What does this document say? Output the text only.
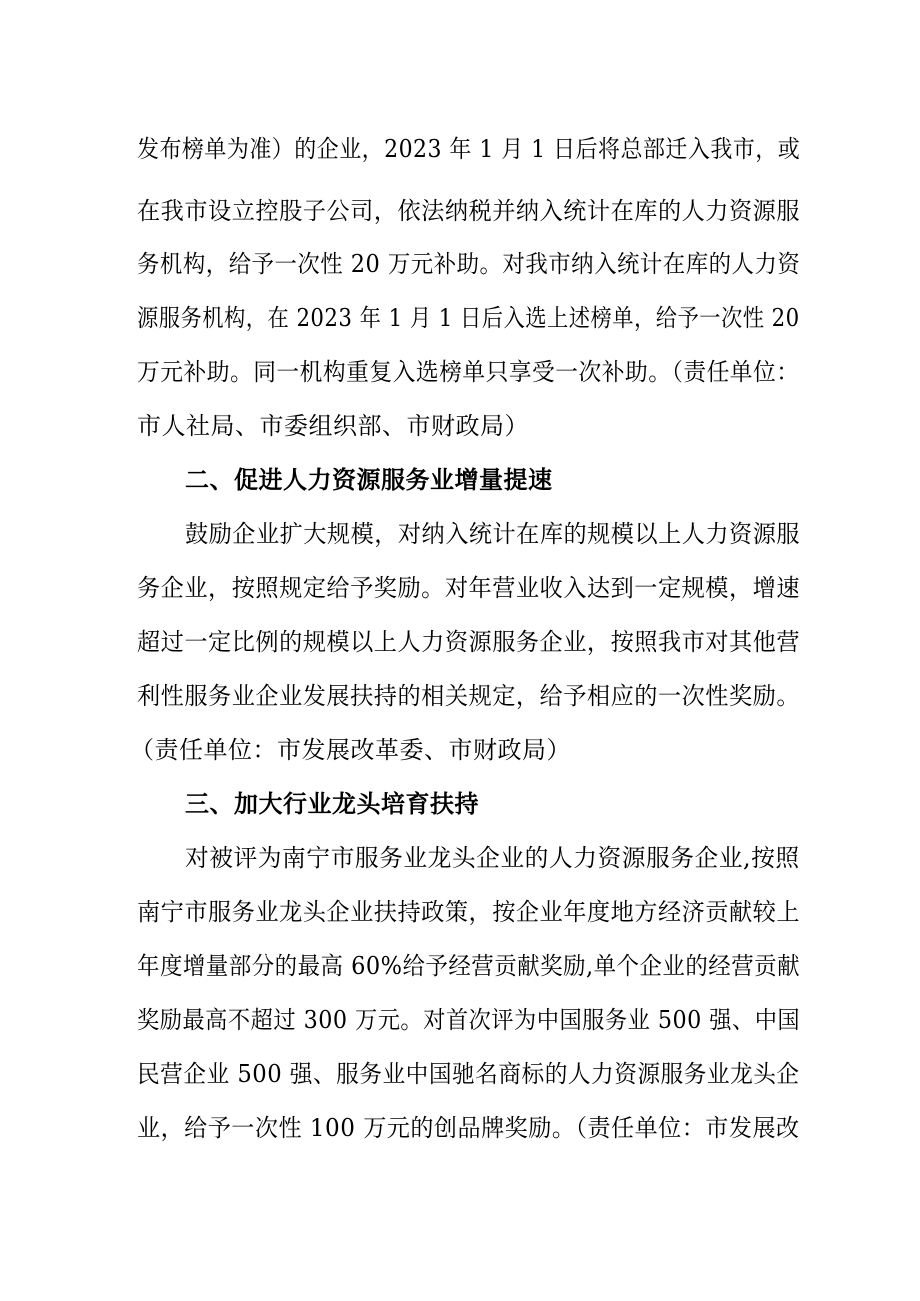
发布榜单为准）的企业，2023 年 1 月 1 日后将总部迁入我市，或
在我市设立控股子公司，依法纳税并纳入统计在库的人力资源服
务机构，给予一次性 20 万元补助。对我市纳入统计在库的人力资
源服务机构，在 2023 年 1 月 1 日后入选上述榜单，给予一次性 20
万元补助。同一机构重复入选榜单只享受一次补助。（责任单位：
市人社局、市委组织部、市财政局）
二、促进人力资源服务业增量提速
鼓励企业扩大规模，对纳入统计在库的规模以上人力资源服
务企业，按照规定给予奖励。对年营业收入达到一定规模，增速
超过一定比例的规模以上人力资源服务企业，按照我市对其他营
利性服务业企业发展扶持的相关规定，给予相应的一次性奖励。
（责任单位：市发展改革委、市财政局）
三、加大行业龙头培育扶持
对被评为南宁市服务业龙头企业的人力资源服务企业,按照
南宁市服务业龙头企业扶持政策，按企业年度地方经济贡献较上
年度增量部分的最高 60%给予经营贡献奖励,单个企业的经营贡献
奖励最高不超过 300 万元。对首次评为中国服务业 500 强、中国
民营企业 500 强、服务业中国驰名商标的人力资源服务业龙头企
业，给予一次性 100 万元的创品牌奖励。（责任单位：市发展改
